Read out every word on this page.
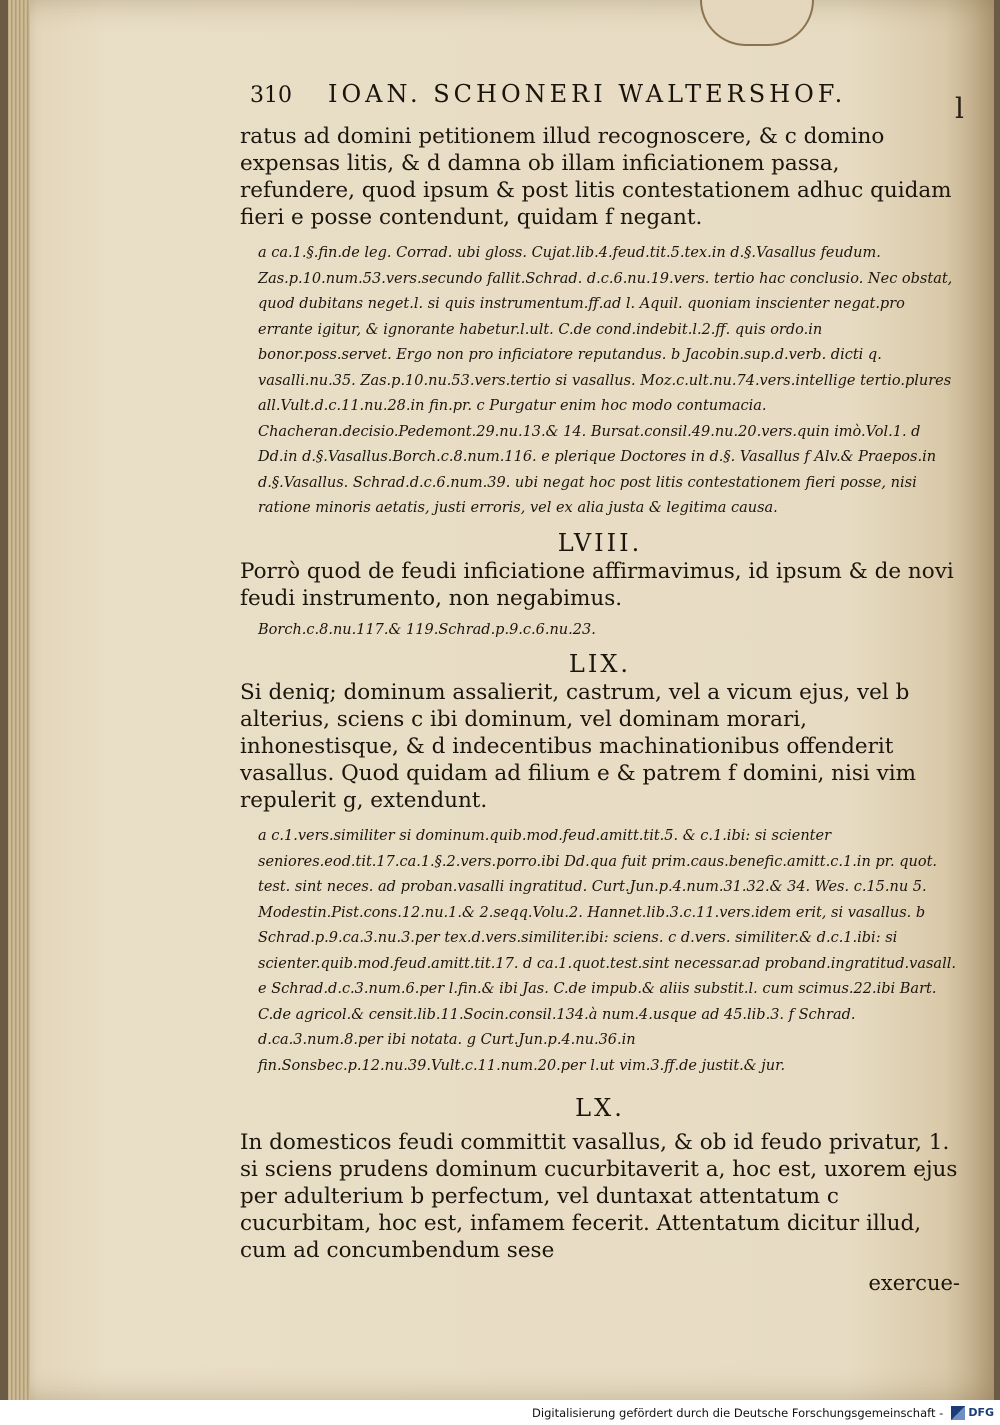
310 IOAN. SCHONERI WALTERSHOF.	l

ratus ad domini petitionem illud recognoscere, & c domino expensas litis, & d damna ob illam inficiationem passa, refundere, quod ipsum & post litis contestationem adhuc quidam fieri e posse contendunt, quidam f negant.

a ca.1.§.fin.de leg. Corrad. ubi gloss. Cujat.lib.4.feud.tit.5.tex.in d.§.Vasallus feudum. Zas.p.10.num.53.vers.secundo fallit.Schrad. d.c.6.nu.19.vers. tertio hac conclusio. Nec obstat, quod dubitans neget.l. si quis instrumentum.ff.ad l. Aquil. quoniam inscienter negat.pro errante igitur, & ignorante habetur.l.ult. C.de cond.indebit.l.2.ff. quis ordo.in bonor.poss.servet. Ergo non pro inficiatore reputandus. b Jacobin.sup.d.verb. dicti q. vasalli.nu.35. Zas.p.10.nu.53.vers.tertio si vasallus. Moz.c.ult.nu.74.vers.intellige tertio.plures all.Vult.d.c.11.nu.28.in fin.pr. c Purgatur enim hoc modo contumacia. Chacheran.decisio.Pedemont.29.nu.13.& 14. Bursat.consil.49.nu.20.vers.quin imò.Vol.1. d Dd.in d.§.Vasallus.Borch.c.8.num.116. e plerique Doctores in d.§. Vasallus f Alv.& Praepos.in d.§.Vasallus. Schrad.d.c.6.num.39. ubi negat hoc post litis contestationem fieri posse, nisi ratione minoris aetatis, justi erroris, vel ex alia justa & legitima causa.

LVIII.

Porrò quod de feudi inficiatione affirmavimus, id ipsum & de novi feudi instrumento, non negabimus.

Borch.c.8.nu.117.& 119.Schrad.p.9.c.6.nu.23.

LIX.

Si deniq; dominum assalierit, castrum, vel a vicum ejus, vel b alterius, sciens c ibi dominum, vel dominam morari, inhonestisque, & d indecentibus machinationibus offenderit vasallus. Quod quidam ad filium e & patrem f domini, nisi vim repulerit g, extendunt.

a c.1.vers.similiter si dominum.quib.mod.feud.amitt.tit.5. & c.1.ibi: si scienter seniores.eod.tit.17.ca.1.§.2.vers.porro.ibi Dd.qua fuit prim.caus.benefic.amitt.c.1.in pr. quot. test. sint neces. ad proban.vasalli ingratitud. Curt.Jun.p.4.num.31.32.& 34. Wes. c.15.nu 5. Modestin.Pist.cons.12.nu.1.& 2.seqq.Volu.2. Hannet.lib.3.c.11.vers.idem erit, si vasallus. b Schrad.p.9.ca.3.nu.3.per tex.d.vers.similiter.ibi: sciens. c d.vers. similiter.& d.c.1.ibi: si scienter.quib.mod.feud.amitt.tit.17. d ca.1.quot.test.sint necessar.ad proband.ingratitud.vasall. e Schrad.d.c.3.num.6.per l.fin.& ibi Jas. C.de impub.& aliis substit.l. cum scimus.22.ibi Bart. C.de agricol.& censit.lib.11.Socin.consil.134.à num.4.usque ad 45.lib.3. f Schrad. d.ca.3.num.8.per ibi notata. g Curt.Jun.p.4.nu.36.in fin.Sonsbec.p.12.nu.39.Vult.c.11.num.20.per l.ut vim.3.ff.de justit.& jur.

LX.

In domesticos feudi committit vasallus, & ob id feudo privatur, 1. si sciens prudens dominum cucurbitaverit a, hoc est, uxorem ejus per adulterium b perfectum, vel duntaxat attentatum c cucurbitam, hoc est, infamem fecerit. Attentatum dicitur illud, cum ad concumbendum sese

exercue-
Digitalisierung gefördert durch die Deutsche Forschungsgemeinschaft - DFG
